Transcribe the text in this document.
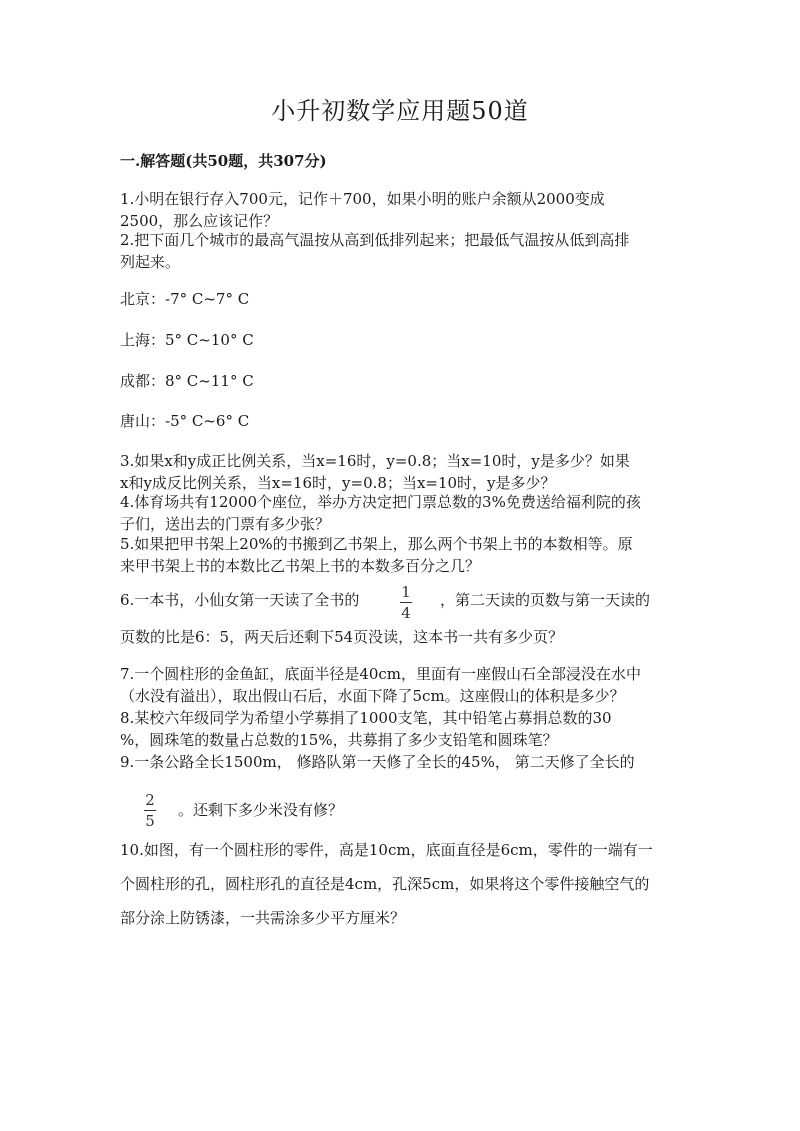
小升初数学应用题50道
一.解答题(共50题，共307分)
1.小明在银行存入700元，记作＋700，如果小明的账户余额从2000变成
2500，那么应该记作？
2.把下面几个城市的最高气温按从高到低排列起来；把最低气温按从低到高排
列起来。
北京：-7° C~7° C
上海：5° C~10° C
成都：8° C~11° C
唐山：-5° C~6° C
3.如果x和y成正比例关系，当x=16时，y=0.8；当x=10时，y是多少？如果
x和y成反比例关系，当x=16时，y=0.8；当x=10时，y是多少？
4.体育场共有12000个座位，举办方决定把门票总数的3%免费送给福利院的孩
子们，送出去的门票有多少张？
5.如果把甲书架上20%的书搬到乙书架上，那么两个书架上书的本数相等。原
来甲书架上书的本数比乙书架上书的本数多百分之几？
6.一本书，小仙女第一天读了全书的	1
4
，第二天读的页数与第一天读的
页数的比是6：5，两天后还剩下54页没读，这本书一共有多少页？
7.一个圆柱形的金鱼缸，底面半径是40cm，里面有一座假山石全部浸没在水中
（水没有溢出），取出假山石后，水面下降了5cm。这座假山的体积是多少？
8.某校六年级同学为希望小学募捐了1000支笔，其中铅笔占募捐总数的30
%，圆珠笔的数量占总数的15%，共募捐了多少支铅笔和圆珠笔？
9.一条公路全长1500m， 修路队第一天修了全长的45%， 第二天修了全长的
2
5
。还剩下多少米没有修？
10.如图，有一个圆柱形的零件，高是10cm，底面直径是6cm，零件的一端有一
个圆柱形的孔，圆柱形孔的直径是4cm，孔深5cm，如果将这个零件接触空气的
部分涂上防锈漆，一共需涂多少平方厘米？
